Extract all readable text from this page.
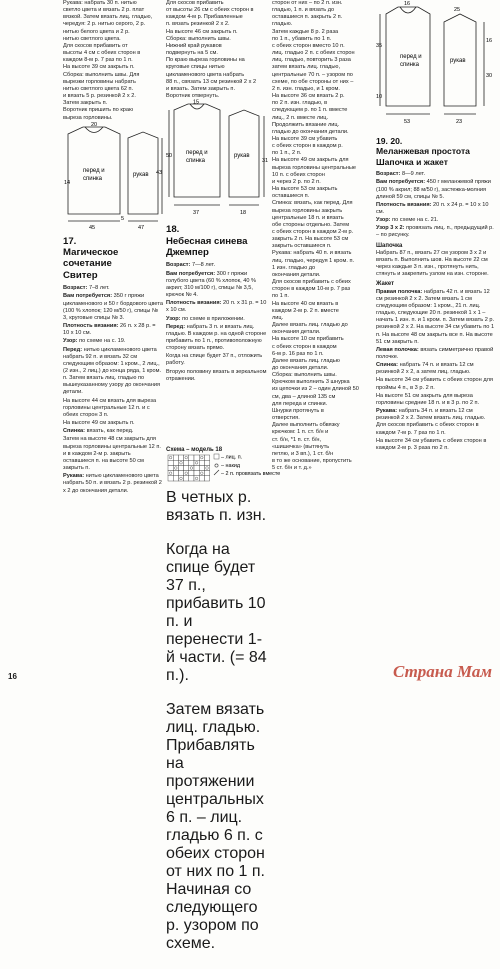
Рукава: набрать 30 п. нитью

светло цвета и вязать 2 р. плат

вязкой. Затем вязать лиц. гладью,

чередуя: 2 р. нитью серого, 2 р.

нитью белого цвета и 2 р.

нитью светлого цвета.

Для скосов прибавить от

высоты 4 см с обеих сторон в

каждом 8-м р. 7 раз по 1 п.

На высоте 39 см закрыть п.

Сборка: выполнить швы. Для

вырезки горловины набрать

нитью светлого цвета 62 п.

и вязать 5 р. резинкой 2 х 2.

Затем закрыть п.

Воротник пришить по краю

выреза горловины.

перед и
спинка
рукав
20
45
14
43
5
47
17.
Магическое
сочетание
Свитер

Возраст: 7–8 лет.

Вам потребуется: 350 г пряжи цикламенового и 50 г бордового цвета (100 % хлопок; 120 м/50 г), спицы № 3, круговые спицы № 3.

Плотность вязания: 26 п. х 28 р. = 10 х 10 см.

Узор: по схеме на с. 19.

Перед: нитью цикламенового цвета набрать 92 п. и вязать 32 см следующим образом: 1 кром., 2 лиц., (2 изн., 2 лиц.) до конца ряда, 1 кром. п. Затем вязать лиц. гладью по вышеуказанному узору до окончания детали.

На высоте 44 см вязать для выреза горловины центральные 12 п. и с обеих сторон 3 п.

На высоте 49 см закрыть п.

Спинка: вязать, как перед.

Затем на высоте 48 см закрыть для выреза горловины центральные 12 п. и в каждом 2-м р. закрыть оставшиеся п. на высоте 50 см закрыть п.

Рукава: нитью цикламенового цвета набрать 50 п. и вязать 2 р. резинкой 2 х 2 до окончания детали.

Для скосов прибавить

от высоты 26 см с обеих сторон в

каждом 4-м р. Прибавленные

п. вязать резинкой 2 х 2.

На высоте 46 см закрыть п.

Сборка: выполнить швы.

Нижний край рукавов

подвернуть на 5 см.

По краю выреза горловины на

круговые спицы нитью

цикламенового цвета набрать

88 п., связать 13 см резинкой 2 х 2

и вязать. Затем закрыть п.

Воротник отвернуть.

перед и
спинка
рукав
15
50
37
31
18
18.
Небесная синева
Джемпер

Возраст: 7—8 лет.

Вам потребуется: 300 г пряжи голубого цвета (60 % хлопок, 40 % акрил; 310 м/100 г), спицы № 3,5, крючок № 4.

Плотность вязания: 20 п. х 31 р. = 10 х 10 см.

Узор: по схеме в приложении.

Перед: набрать 3 п. и вязать лиц. гладью. В каждом р. на одной стороне прибавить по 1 п., противоположную сторону вязать прямо.

Когда на спице будет 37 п., отложить работу.

Вторую половину вязать в зеркальном отражении.

Схема – модель 18
– лиц. п.
– накид
– 2 п. провязать вместе
В четных р. вязать п. изн.

Когда на спице будет 37 п., прибавить 10 п. и перенести 1-й части. (= 84 п.).

Затем вязать лиц. гладью. Прибавлять на протяжении центральных 6 п. – лиц. гладью 6 п. с обеих сторон от них по 1 п. Начиная со следующего р. узором по схеме.

сторон от них – по 2 п. изн.

гладью, 1 п. и вязать до

оставшиеся п. закрыть 2 п.

гладью.

Затем каждые 8 р. 2 раза

по 1 п., убавить по 1 п.

с обеих сторон вместо 10 п.

лиц. гладью 2 п. с обеих сторон

лиц. гладью, повторить 3 раза

затем вязать лиц. гладью,

центральные 70 п. – узором по

схеме, по обе стороны от них –

2 п. изн. гладью, и 1 кром.

На высоте 36 см вязать 2 р.

по 2 п. изн. гладью, в

следующем р. по 1 п. вместе

лиц., 2 п. вместе лиц.

Продолжить вязание лиц.

гладью до окончания детали.

На высоте 39 см убавить

с обеих сторон в каждом р.

по 1 п., 2 п.

На высоте 49 см закрыть для

выреза горловины центральные

10 п. с обеих сторон

и через 2 р. по 2 п.

На высоте 53 см закрыть

оставшиеся п.

Спинка: вязать, как перед. Для

выреза горловины закрыть

центральные 18 п. и вязать

обе стороны отдельно. Затем

с обеих сторон в каждом 2-м р.

закрыть 2 п. На высоте 53 см

закрыть оставшиеся п.

Рукава: набрать 40 п. и вязать

лиц. гладью, чередуя 1 кром. п.

1 изн. гладью до

окончания детали.

Для скосов прибавить с обеих

сторон в каждом 10-м р. 7 раз

по 1 п.

На высоте 40 см вязать в

каждом 2-м р. 2 п. вместе

лиц.

Далее вязать лиц. гладью до

окончания детали.

На высоте 10 см прибавить

с обеих сторон в каждом

6-м р. 16 раз по 1 п.

Далее вязать лиц. гладью

до окончания детали.

Сборка: выполнить швы.

Крючком выполнить 3 шнурка

из цепочки из 2 – один длиной 50

см, два – длиной 135 см

для переда и спинки.

Шнурки протянуть в

отверстия.

Далее выполнить обвязку

крючком: 1 п. ст. б/н и

ст. б/н, *1 п. ст. б/н,

«шишечка» (вытянуть

петлю, и 3 вп.), 1 ст. б/н

в то же основание, пропустить

5 ст. б/н и т. д.»

перед и
спинка
рукав
16
25
35
16
30
10
53	23
19. 20.
Меланжевая простота
Шапочка и жакет

Возраст: 8—9 лет.

Вам потребуется: 450 г меланжевой пряжи (100 % акрил; 88 м/50 г), застежка-молния длиной 59 см, спицы № 5.

Плотность вязания: 20 п. х 24 р. = 10 х 10 см.

Узор: по схеме на с. 21.

Узор 3 х 2: провязать лиц. п., предыдущий р. – по рисунку.

Шапочка

Набрать 87 п., вязать 27 см узором 3 х 2 и вязать п. Выполнить шов. На высоте 22 см через каждые 3 п. изн., протянуть нить, стянуть и закрепить узлом на изн. стороне.

Жакет

Правая полочка: набрать 42 п. и вязать 12 см резинкой 2 х 2. Затем вязать 1 см следующим образом: 1 кром., 21 п. лиц. гладью, следующие 20 п. резинкой 1 х 1 – начать 1 изн. п. и 1 кром. п. Затем вязать 2 р. резинкой 2 х 2. На высоте 34 см убавить по 1 п. На высоте 48 см закрыть все п. На высоте 51 см закрыть п.

Левая полочка: вязать симметрично правой полочке.

Спинка: набрать 74 п. и вязать 12 см резинкой 2 х 2, а затем лиц. гладью.

На высоте 34 см убавить с обеих сторон для проймы 4 п., в 3 р. 2 п.

На высоте 51 см закрыть для выреза горловины средние 18 п. и в 3 р. по 2 п.

Рукава: набрать 34 п. и вязать 12 см резинкой 2 х 2. Затем вязать лиц. гладью. Для скосов прибавить с обеих сторон в каждом 7-м р. 7 раз по 1 п.

На высоте 34 см убавить с обеих сторон в каждом 2-м р. 3 раза по 2 п.

16	Страна Мам
